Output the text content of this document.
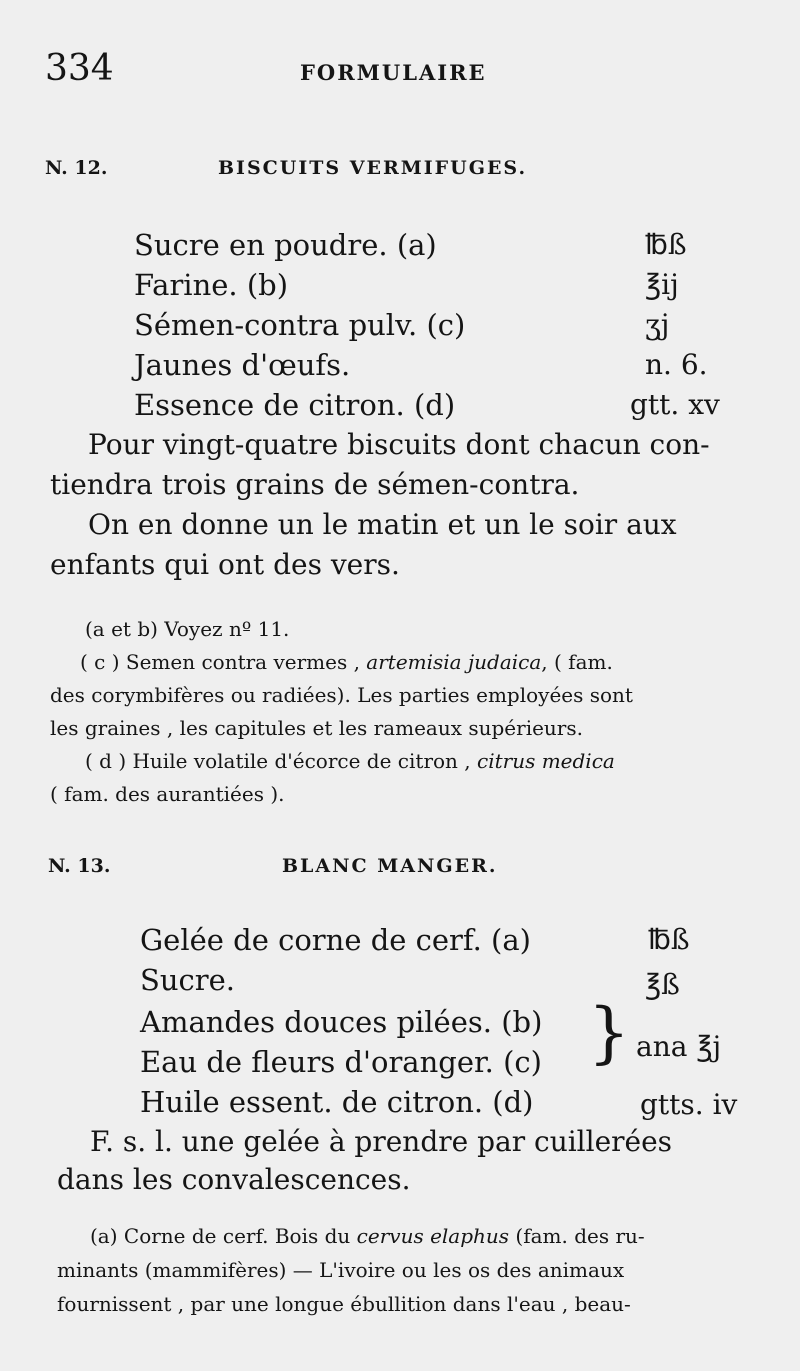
334	FORMULAIRE
N. 12.	BISCUITS VERMIFUGES.
Sucre en poudre. (a)	℔ß
Farine. (b)	℥ij
Sémen-contra pulv. (c)	ʒj
Jaunes d'œufs.	n. 6.
Essence de citron. (d)	gtt. xv
Pour vingt-quatre biscuits dont chacun con-
tiendra trois grains de sémen-contra.
On en donne un le matin et un le soir aux
enfants qui ont des vers.
(a et b) Voyez nº 11.
( c ) Semen contra vermes , artemisia judaica, ( fam.
des corymbifères ou radiées). Les parties employées sont
les graines , les capitules et les rameaux supérieurs.
( d ) Huile volatile d'écorce de citron , citrus medica
( fam. des aurantiées ).
N. 13.	BLANC MANGER.
Gelée de corne de cerf. (a)	℔ß
Sucre.	℥ß
Amandes douces pilées. (b)
Eau de fleurs d'oranger. (c) } ana ℥j
Huile essent. de citron. (d)	gtts. iv
F. s. l. une gelée à prendre par cuillerées
dans les convalescences.
(a) Corne de cerf. Bois du cervus elaphus (fam. des ru-
minants (mammifères) — L'ivoire ou les os des animaux
fournissent , par une longue ébullition dans l'eau , beau-
